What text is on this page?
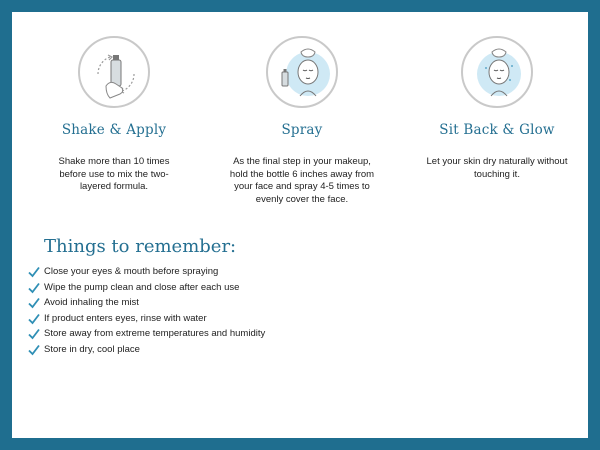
Shake & Apply
Shake more than 10 times before use to mix the two-layered formula.
Spray
As the final step in your makeup, hold the bottle 6 inches away from your face and spray 4-5 times to evenly cover the face.
Sit Back & Glow
Let your skin dry naturally without touching it.
Things to remember:
Close your eyes & mouth before spraying
Wipe the pump clean and close after each use
Avoid inhaling the mist
If product enters eyes, rinse with water
Store away from extreme temperatures and humidity
Store in dry, cool place
